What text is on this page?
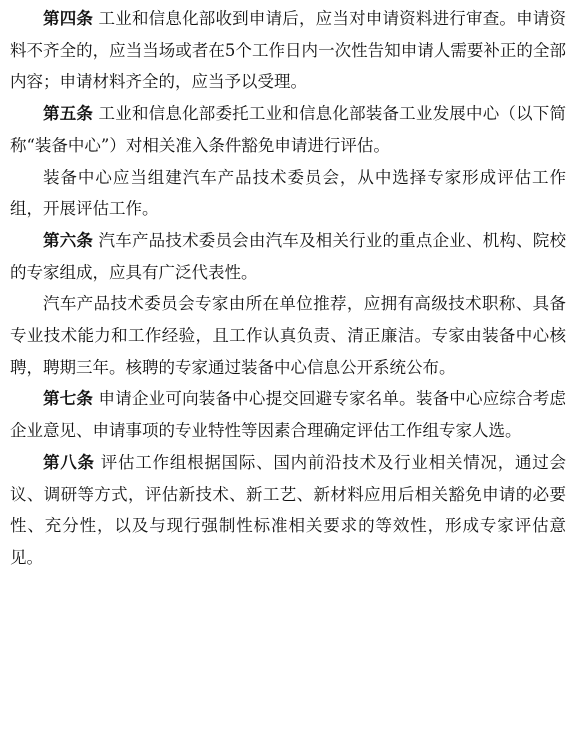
第四条 工业和信息化部收到申请后，应当对申请资料进行审查。申请资料不齐全的，应当当场或者在5个工作日内一次性告知申请人需要补正的全部内容；申请材料齐全的，应当予以受理。

第五条 工业和信息化部委托工业和信息化部装备工业发展中心（以下简称“装备中心”）对相关准入条件豁免申请进行评估。

装备中心应当组建汽车产品技术委员会，从中选择专家形成评估工作组，开展评估工作。

第六条 汽车产品技术委员会由汽车及相关行业的重点企业、机构、院校的专家组成，应具有广泛代表性。

汽车产品技术委员会专家由所在单位推荐，应拥有高级技术职称、具备专业技术能力和工作经验，且工作认真负责、清正廉洁。专家由装备中心核聘，聘期三年。核聘的专家通过装备中心信息公开系统公布。

第七条 申请企业可向装备中心提交回避专家名单。装备中心应综合考虑企业意见、申请事项的专业特性等因素合理确定评估工作组专家人选。

第八条 评估工作组根据国际、国内前沿技术及行业相关情况，通过会议、调研等方式，评估新技术、新工艺、新材料应用后相关豁免申请的必要性、充分性，以及与现行强制性标准相关要求的等效性，形成专家评估意见。
